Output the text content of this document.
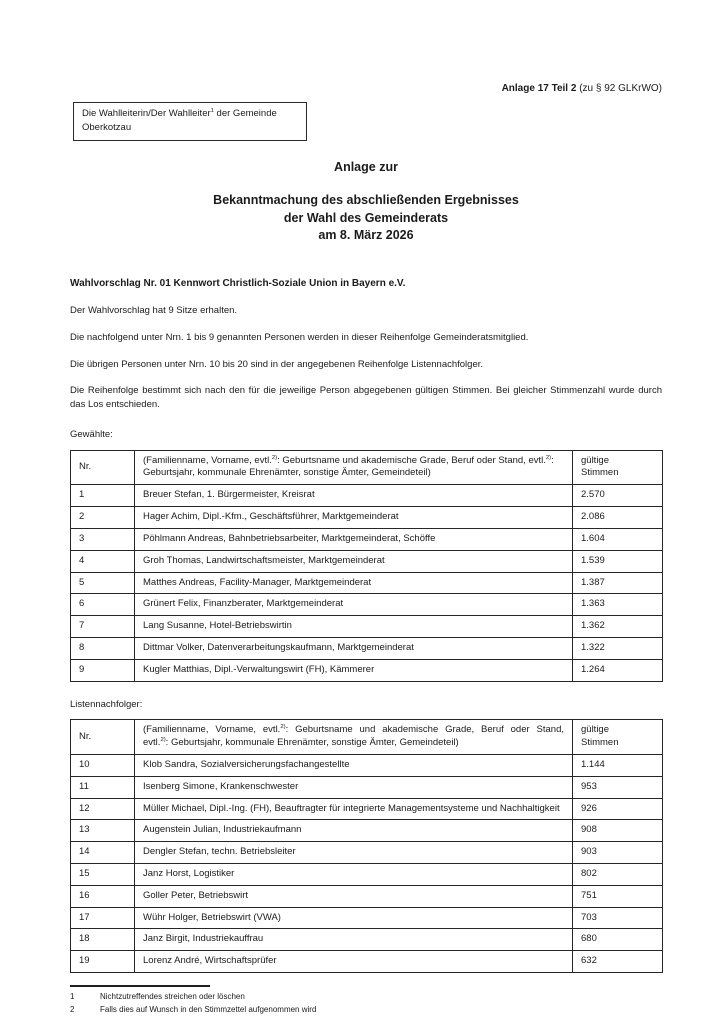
Anlage 17 Teil 2 (zu § 92 GLKrWO)
Die Wahlleiterin/Der Wahlleiter$^1$ der Gemeinde Oberkotzau
Anlage zur
Bekanntmachung des abschließenden Ergebnisses
der Wahl des Gemeinderats
am 8. März 2026
Wahlvorschlag Nr. 01 Kennwort Christlich-Soziale Union in Bayern e.V.

Der Wahlvorschlag hat 9 Sitze erhalten.

Die nachfolgend unter Nrn. 1 bis 9 genannten Personen werden in dieser Reihenfolge Gemeinderatsmitglied.

Die übrigen Personen unter Nrn. 10 bis 20 sind in der angegebenen Reihenfolge Listennachfolger.

Die Reihenfolge bestimmt sich nach den für die jeweilige Person abgegebenen gültigen Stimmen. Bei gleicher Stimmenzahl wurde durch das Los entschieden.

Gewählte:
Nr.	
(Familienname, Vorname, evtl.$^{2)}$: Geburtsname und akademische Grade, Beruf oder Stand, evtl.$^{2)}$:
Geburtsjahr, kommunale Ehrenämter, sonstige Ämter, Gemeindeteil)

gültige
Stimmen

1	Breuer Stefan, 1. Bürgermeister, Kreisrat	2.570
2	Hager Achim, Dipl.-Kfm., Geschäftsführer, Marktgemeinderat	2.086
3	Pöhlmann Andreas, Bahnbetriebsarbeiter, Marktgemeinderat, Schöffe	1.604
4	Groh Thomas, Landwirtschaftsmeister, Marktgemeinderat	1.539
5	Matthes Andreas, Facility-Manager, Marktgemeinderat	1.387
6	Grünert Felix, Finanzberater, Marktgemeinderat	1.363
7	Lang Susanne, Hotel-Betriebswirtin	1.362
8	Dittmar Volker, Datenverarbeitungskaufmann, Marktgemeinderat	1.322
9	Kugler Matthias, Dipl.-Verwaltungswirt (FH), Kämmerer	1.264
Listennachfolger:
Nr.	
(Familienname, Vorname, evtl.$^{2)}$: Geburtsname und akademische Grade, Beruf oder Stand,
evtl.$^{2)}$: Geburtsjahr, kommunale Ehrenämter, sonstige Ämter, Gemeindeteil)

gültige
Stimmen

10	Klob Sandra, Sozialversicherungsfachangestellte	1.144
11	Isenberg Simone, Krankenschwester	953
12	Müller Michael, Dipl.-Ing. (FH), Beauftragter für integrierte Managementsysteme und Nachhaltigkeit	926
13	Augenstein Julian, Industriekaufmann	908
14	Dengler Stefan, techn. Betriebsleiter	903
15	Janz Horst, Logistiker	802
16	Goller Peter, Betriebswirt	751
17	Wühr Holger, Betriebswirt (VWA)	703
18	Janz Birgit, Industriekauffrau	680
19	Lorenz André, Wirtschaftsprüfer	632
1	Nichtzutreffendes streichen oder löschen
2	Falls dies auf Wunsch in den Stimmzettel aufgenommen wird
